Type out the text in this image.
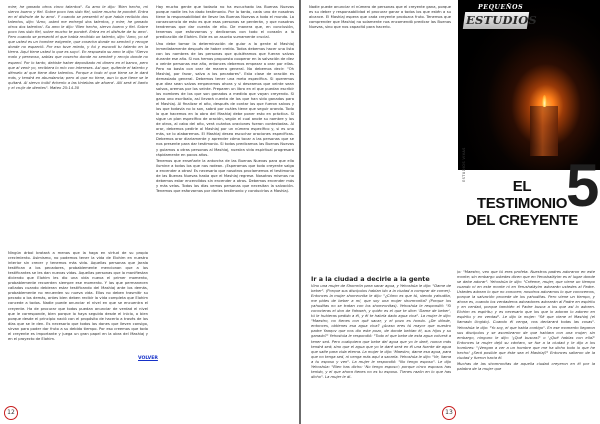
mire, he ganado otros cinco talentos". Su amo le dijo: 'Bien hecho, mi siervo bueno y fiel. Sobre poco has sido fiel, sobre mucho te pondré. Entra en el disfrute de tu amo'. Y cuando se presentó el que había recibido dos talentos, dijo: 'Amo, usted me entregó dos talentos, y mire, he ganado otros dos talentos'. Su amo le dijo: 'Bien hecho, siervo bueno y fiel. Sobre poco has sido fiel, sobre mucho te pondré. Entra en el disfrute de tu amo'. Pero cuando se presentó el que había recibido un talento, dijo: 'Amo, yo sé que usted es un hombre exigente, que cosecha donde no sembró y recoge donde no esparció. Por eso tuve miedo, y fui y escondí tu talento en la tierra. Aquí tiene usted lo que es suyo'. En respuesta su amo le dijo: 'Siervo malo y perezoso, sabías que cosecho donde no sembré y recojo donde no esparcí. Por lo tanto, debiste haber depositado mi dinero en el banco, pero que al venir yo, recibiera lo mío con intereses. Así que, quítenle el talento y dénselo al que tiene diez talentos. Porque a todo el que tiene se le dará más, y tendrá en abundancia; pero al que no tiene, aun lo que tiene se le quitará. Al siervo inútil échenlo a las tinieblas de afuera'. Allí será el llanto y el crujir de dientes". Mateo 25:14-30

Ningún árbol brotará a menos que la haga en virtud de su propio crecimiento. Asimismo, no podemos tener la vida de Elohim en nuestro interior sin crecer y tenemos más vida. Aquellas personas que Jarala testifican a los pecadores, probablemente mencionan que a los testificantes se les dan nuevas vidas. Aquellas personas que lo manifiestan diciendo que Elohim les dio una vida nueva el primer momento, probablemente recuerden siempre ese momento. Y las que permanecen calladas cuando debieran estar testificando del Mashiaj ante los demás, probablemente no recuerden su nueva vida. Ellos no deben trasmitir su pecado a los demás, antes bien deben recibir la vida completa que Elohim concede a todos. Nadie puede anunciar el nivel en que se encuentra el creyente. Ha de procurar que todos puedan anunciar de verdad el nivel que le corresponde, bien porque lo haya seguido desde el inicio, o bien porque desde el principio nació con el propósito de hacerlo a través de los días que se le den. Es necesario que todos los dones que lleven consigo, sirvan para poder dar fruto a su debido tiempo. Por eso creemos que todo el creyente es importante y juega un gran papel en la obra del Mashiaj y en el proyecto de Elohim.

Hay mucho gente que todavía no ha escuchado las Buenas Nuevas porque nadie les ha dado testimonio. Por lo tanto, cada uno de nosotros tiene la responsabilidad de llevar las Buenas Nuevas a todo el mundo. La consecuencia de esto es que esas personas se perderán, y que nosotros tendremos que dar cuenta de ello. De manera que, en conclusión, tenemos que esforzarnos y dedicarnos con todo el corazón a la predicación de Elohim. Este es un asunto sumamente crucial.

Uno debe tomar la determinación de guiar a la gente al Mashiaj inmediatamente después de haber creído. Todos debemos hacer una lista con los nombres de las personas que quisiéramos que fueran salvas durante ese año. Si nos hemos propuesto cooperar en la salvación de diez o veinte personas ese año, entonces debemos empezar a orar por ellas. Pero no basta con orar de manera general. No debemos decir: "Oh Mashiaj, por favor, salva a los pecadores". Esta clase de oración es demasiado general. Debemos tener una meta específica. Si queremos que diez sean salvos empecemos ahora y si deseamos que veinte sean salvos, oremos por los veinte. Preparen un libro en el que puedan escribir los nombres de los que son ganados a medida que vayan creyendo. Si gana uno escríbalo, así llevará cuenta de los que han sido ganados para el Mashiaj. Al finalizar el año, después de contar los que fueron salvos y los que todavía no lo son, sabrá por cuáles tiene que seguir orando. Todo lo que hacemos en la obra del Mashiaj debe poner esto en práctica. Si sigue un plan específico de oración, según el cual anote su nombre y los de otros, al cabo del año, verá cuántos oraciones fueron contestadas. Al orar, debemos pedirle al Mashiaj por un número específico y, si es uno más, se lo alabaremos. El Mashiaj desea escuchar oraciones específicas. Debemos orar diariamente y aprender cómo tocar a las personas que se nos presente para dar testimonio. Si todos predicamos las Buenas Nuevas y guiamos a otras personas al Mashiaj, nuestra vida espiritual progresará rápidamente en pocos años.

Tenemos que enseñarle la antorcha de las Buenas Nuevas para que ella ilumine a todos los que nos rodean. ¡Esperamos que todo creyente salga a encender a otros! Es necesario que nosotros proclamemos el testimonio de las Buenas Nuevas hasta que el Mashiaj regrese. Nosotros mismos no debemos estar encendidos sin encender a otros. Debemos encender más y más velas. Todos los días vemos personas que necesitan la salvación. Tenemos que esforzarnos por darles testimonio y conducirlos a Mashiaj.

VOLVER
12

Nadie puede anunciar el número de personas que el creyente gana, porque es su deber y responsabilidad el procurar ganar a todos los que estén a su alcance. El Mashiaj espera que cada creyente produzca fruto. Tenemos que comprender que Mashiaj no solamente nos encomendó predicar las Buenas Nuevas, sino que nos capacitó para hacerlo.

PEQUEÑOS
ESTUDIOS
ESTUDIOS VIVAS
EL TESTIMONIO
DEL CREYENTE
5
Ir a la ciudad a decirle a la gente

Vino una mujer de Shomrón para sacar agua, y Yehoshúa le dijo: "Dame de beber". (Porque sus discípulos habían ido a la ciudad a comprar de comer). Entonces la mujer shomronita le dijo: "¿Cómo es que tú, siendo yahudita, me pides de beber a mí, que soy una mujer shomronita? (Porque los yahuditas no se tratan con los shomronitas). Yehoshúa le respondió: "Si conocieras el don de Yahweh, y quién es el que te dice: 'Dame de beber', tú le hubieras pedido a él, y él te habría dado agua viva". La mujer le dijo: "Maestro, no tienes con qué sacar, y el pozo es hondo. ¿De dónde, entonces, obtienes esa agua viva? ¿Acaso eres tú mayor que nuestro padre Yaaqov que nos dio este pozo, de donde bebían él, sus hijos y su ganado?" Yehoshúa le respondió: "Todo el que bebe de esta agua volverá a tener sed. Pero cualquiera que bebe del agua que yo le daré, nunca más tendrá sed; sino que el agua que yo le daré será en él una fuente de agua que salte para vida eterna. La mujer le dijo: 'Maestro, dame esa agua, para que no tenga sed, ni venga más aquí a sacarla. Yehoshúa le dijo: "Ve, llama a tu esposo y ven". La mujer le respondió: "No tengo esposo". Le dijo Yehoshúa: "Bien has dicho: 'No tengo esposo'; porque cinco esposos has tenido, y el que ahora tienes no es tu esposo. Tienes razón en lo que has dicho". La mujer le di-

jo: "Maestro, veo que tú eres profeta. Nuestros padres adoraron en este monte; sin embargo ustedes dicen que en Yerushaláyim es el lugar donde se debe adorar". Yehoshúa le dijo: "Créeme, mujer, que viene un tiempo cuando ni en este monte ni en Yerushaláyim adorarán ustedes al Padre. Ustedes adoran lo que no conocen; nosotros adoramos lo que conocemos, porque la salvación procede de los yahuditas. Pero viene un tiempo, y ahora es, cuando los verdaderos adoradores adorarán al Padre en espíritu y en verdad, porque también el Padre busca a los que así lo adoren. Elohim es espíritu; y es necesario que los que lo adoran lo adoren en espíritu y en verdad". Le dijo la mujer: "Sé que viene el Mashiaj (el llamado Ungido). Cuando él venga, nos declarará todas las cosas". Yehoshúa le dijo: "Yo soy, el que habla contigo". En ese momento llegaron sus discípulos y se asombraron de que hablara con una mujer; sin embargo, ninguno le dijo: '¿Qué buscas?' o '¿Qué hablas con ella?' Entonces la mujer dejó su cántaro, se fue a la ciudad y le dijo a los hombres: "¡Vengan a ver a un hombre que me ha dicho todo lo que he hecho! ¿Será posible que éste sea el Mashiaj?" Entonces salieron de la ciudad y fueron hacia él.

Muchas de las shomronitas de aquella ciudad creyeron en él por la palabra de la mujer que

13
